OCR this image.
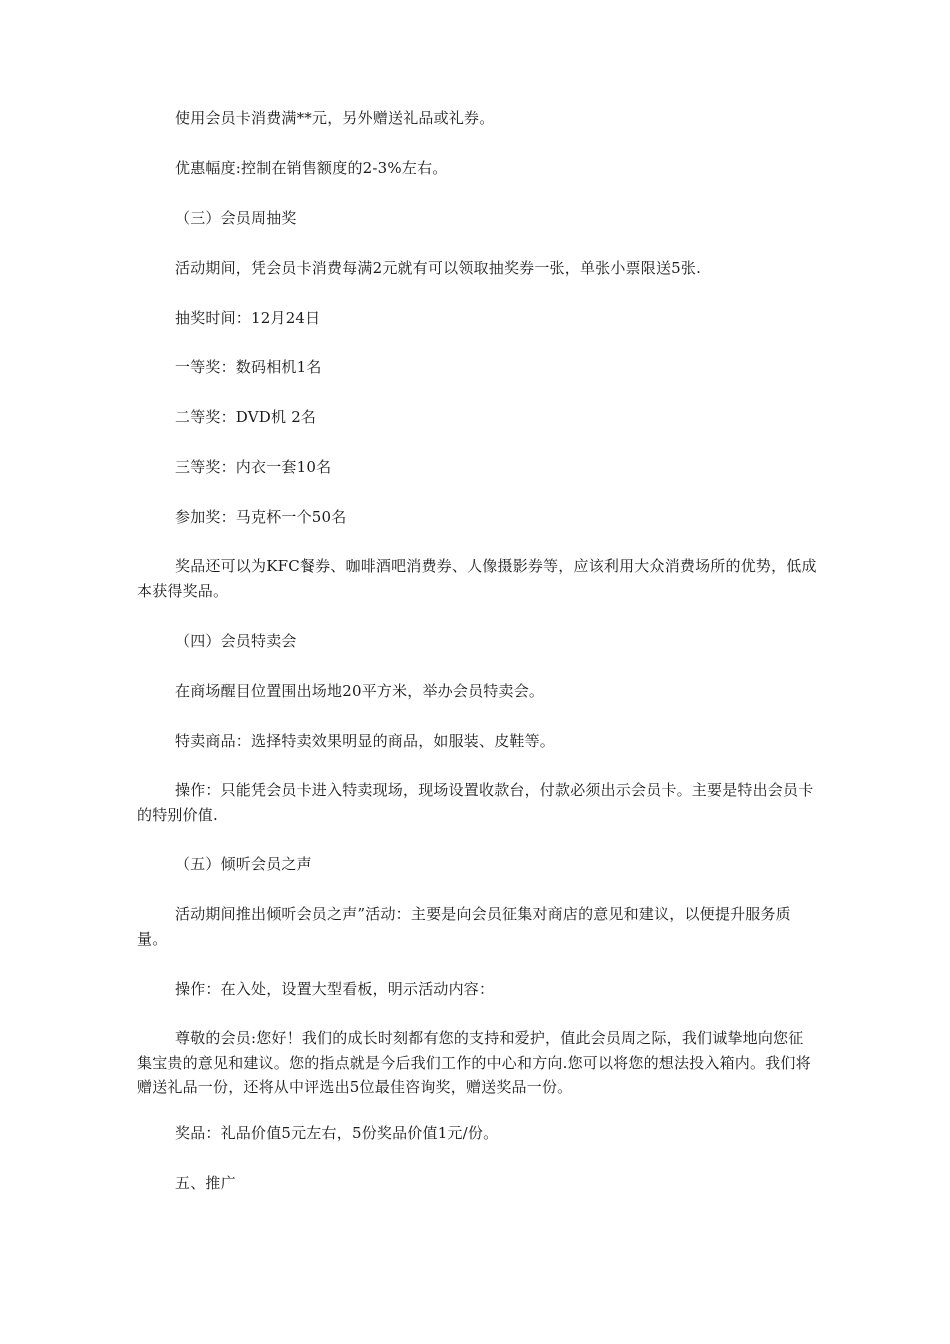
使用会员卡消费满**元，另外赠送礼品或礼券。

优惠幅度:控制在销售额度的2-3%左右。

（三）会员周抽奖

活动期间，凭会员卡消费每满2元就有可以领取抽奖券一张，单张小票限送5张.

抽奖时间：12月24日

一等奖：数码相机1名

二等奖：DVD机 2名

三等奖：内衣一套10名

参加奖：马克杯一个50名

奖品还可以为KFC餐券、咖啡酒吧消费券、人像摄影券等，应该利用大众消费场所的优势，低成本获得奖品。

（四）会员特卖会

在商场醒目位置围出场地20平方米，举办会员特卖会。

特卖商品：选择特卖效果明显的商品，如服装、皮鞋等。

操作：只能凭会员卡进入特卖现场，现场设置收款台，付款必须出示会员卡。主要是特出会员卡的特别价值.

（五）倾听会员之声

活动期间推出倾听会员之声”活动：主要是向会员征集对商店的意见和建议，以便提升服务质量。

操作：在入处，设置大型看板，明示活动内容：

尊敬的会员:您好！我们的成长时刻都有您的支持和爱护，值此会员周之际，我们诚挚地向您征集宝贵的意见和建议。您的指点就是今后我们工作的中心和方向.您可以将您的想法投入箱内。我们将赠送礼品一份，还将从中评选出5位最佳咨询奖，赠送奖品一份。

奖品：礼品价值5元左右，5份奖品价值1元/份。

五、推广
